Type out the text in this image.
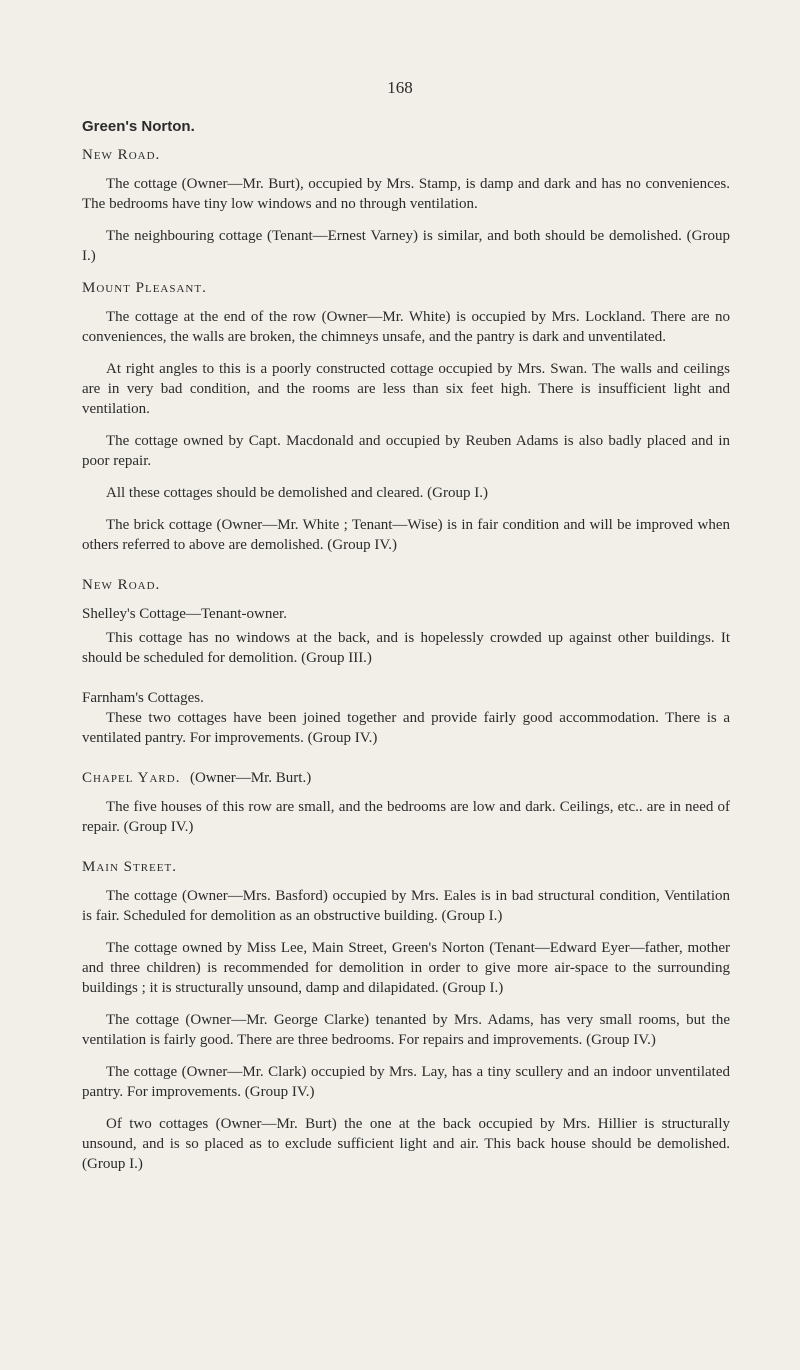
168
Green's Norton.
New Road.

The cottage (Owner—Mr. Burt), occupied by Mrs. Stamp, is damp and dark and has no conveniences. The bedrooms have tiny low windows and no through ventilation.

The neighbouring cottage (Tenant—Ernest Varney) is similar, and both should be demolished. (Group I.)

Mount Pleasant.

The cottage at the end of the row (Owner—Mr. White) is occupied by Mrs. Lockland. There are no conveniences, the walls are broken, the chimneys unsafe, and the pantry is dark and unventilated.

At right angles to this is a poorly constructed cottage occupied by Mrs. Swan. The walls and ceilings are in very bad condition, and the rooms are less than six feet high. There is insufficient light and ventilation.

The cottage owned by Capt. Macdonald and occupied by Reuben Adams is also badly placed and in poor repair.

All these cottages should be demolished and cleared. (Group I.)

The brick cottage (Owner—Mr. White ; Tenant—Wise) is in fair condition and will be improved when others referred to above are demolished. (Group IV.)

New Road.
Shelley's Cottage—Tenant-owner.

This cottage has no windows at the back, and is hopelessly crowded up against other buildings. It should be scheduled for demolition. (Group III.)

Farnham's Cottages.

These two cottages have been joined together and provide fairly good accommodation. There is a ventilated pantry. For improvements. (Group IV.)

Chapel Yard. (Owner—Mr. Burt.)

The five houses of this row are small, and the bedrooms are low and dark. Ceilings, etc.. are in need of repair. (Group IV.)

Main Street.

The cottage (Owner—Mrs. Basford) occupied by Mrs. Eales is in bad structural condition, Ventilation is fair. Scheduled for demolition as an obstructive building. (Group I.)

The cottage owned by Miss Lee, Main Street, Green's Norton (Tenant—Edward Eyer—father, mother and three children) is recommended for demolition in order to give more air-space to the surrounding buildings ; it is structurally unsound, damp and dilapidated. (Group I.)

The cottage (Owner—Mr. George Clarke) tenanted by Mrs. Adams, has very small rooms, but the ventilation is fairly good. There are three bedrooms. For repairs and improvements. (Group IV.)

The cottage (Owner—Mr. Clark) occupied by Mrs. Lay, has a tiny scullery and an indoor unventilated pantry. For improvements. (Group IV.)

Of two cottages (Owner—Mr. Burt) the one at the back occupied by Mrs. Hillier is structurally unsound, and is so placed as to exclude sufficient light and air. This back house should be demolished. (Group I.)
